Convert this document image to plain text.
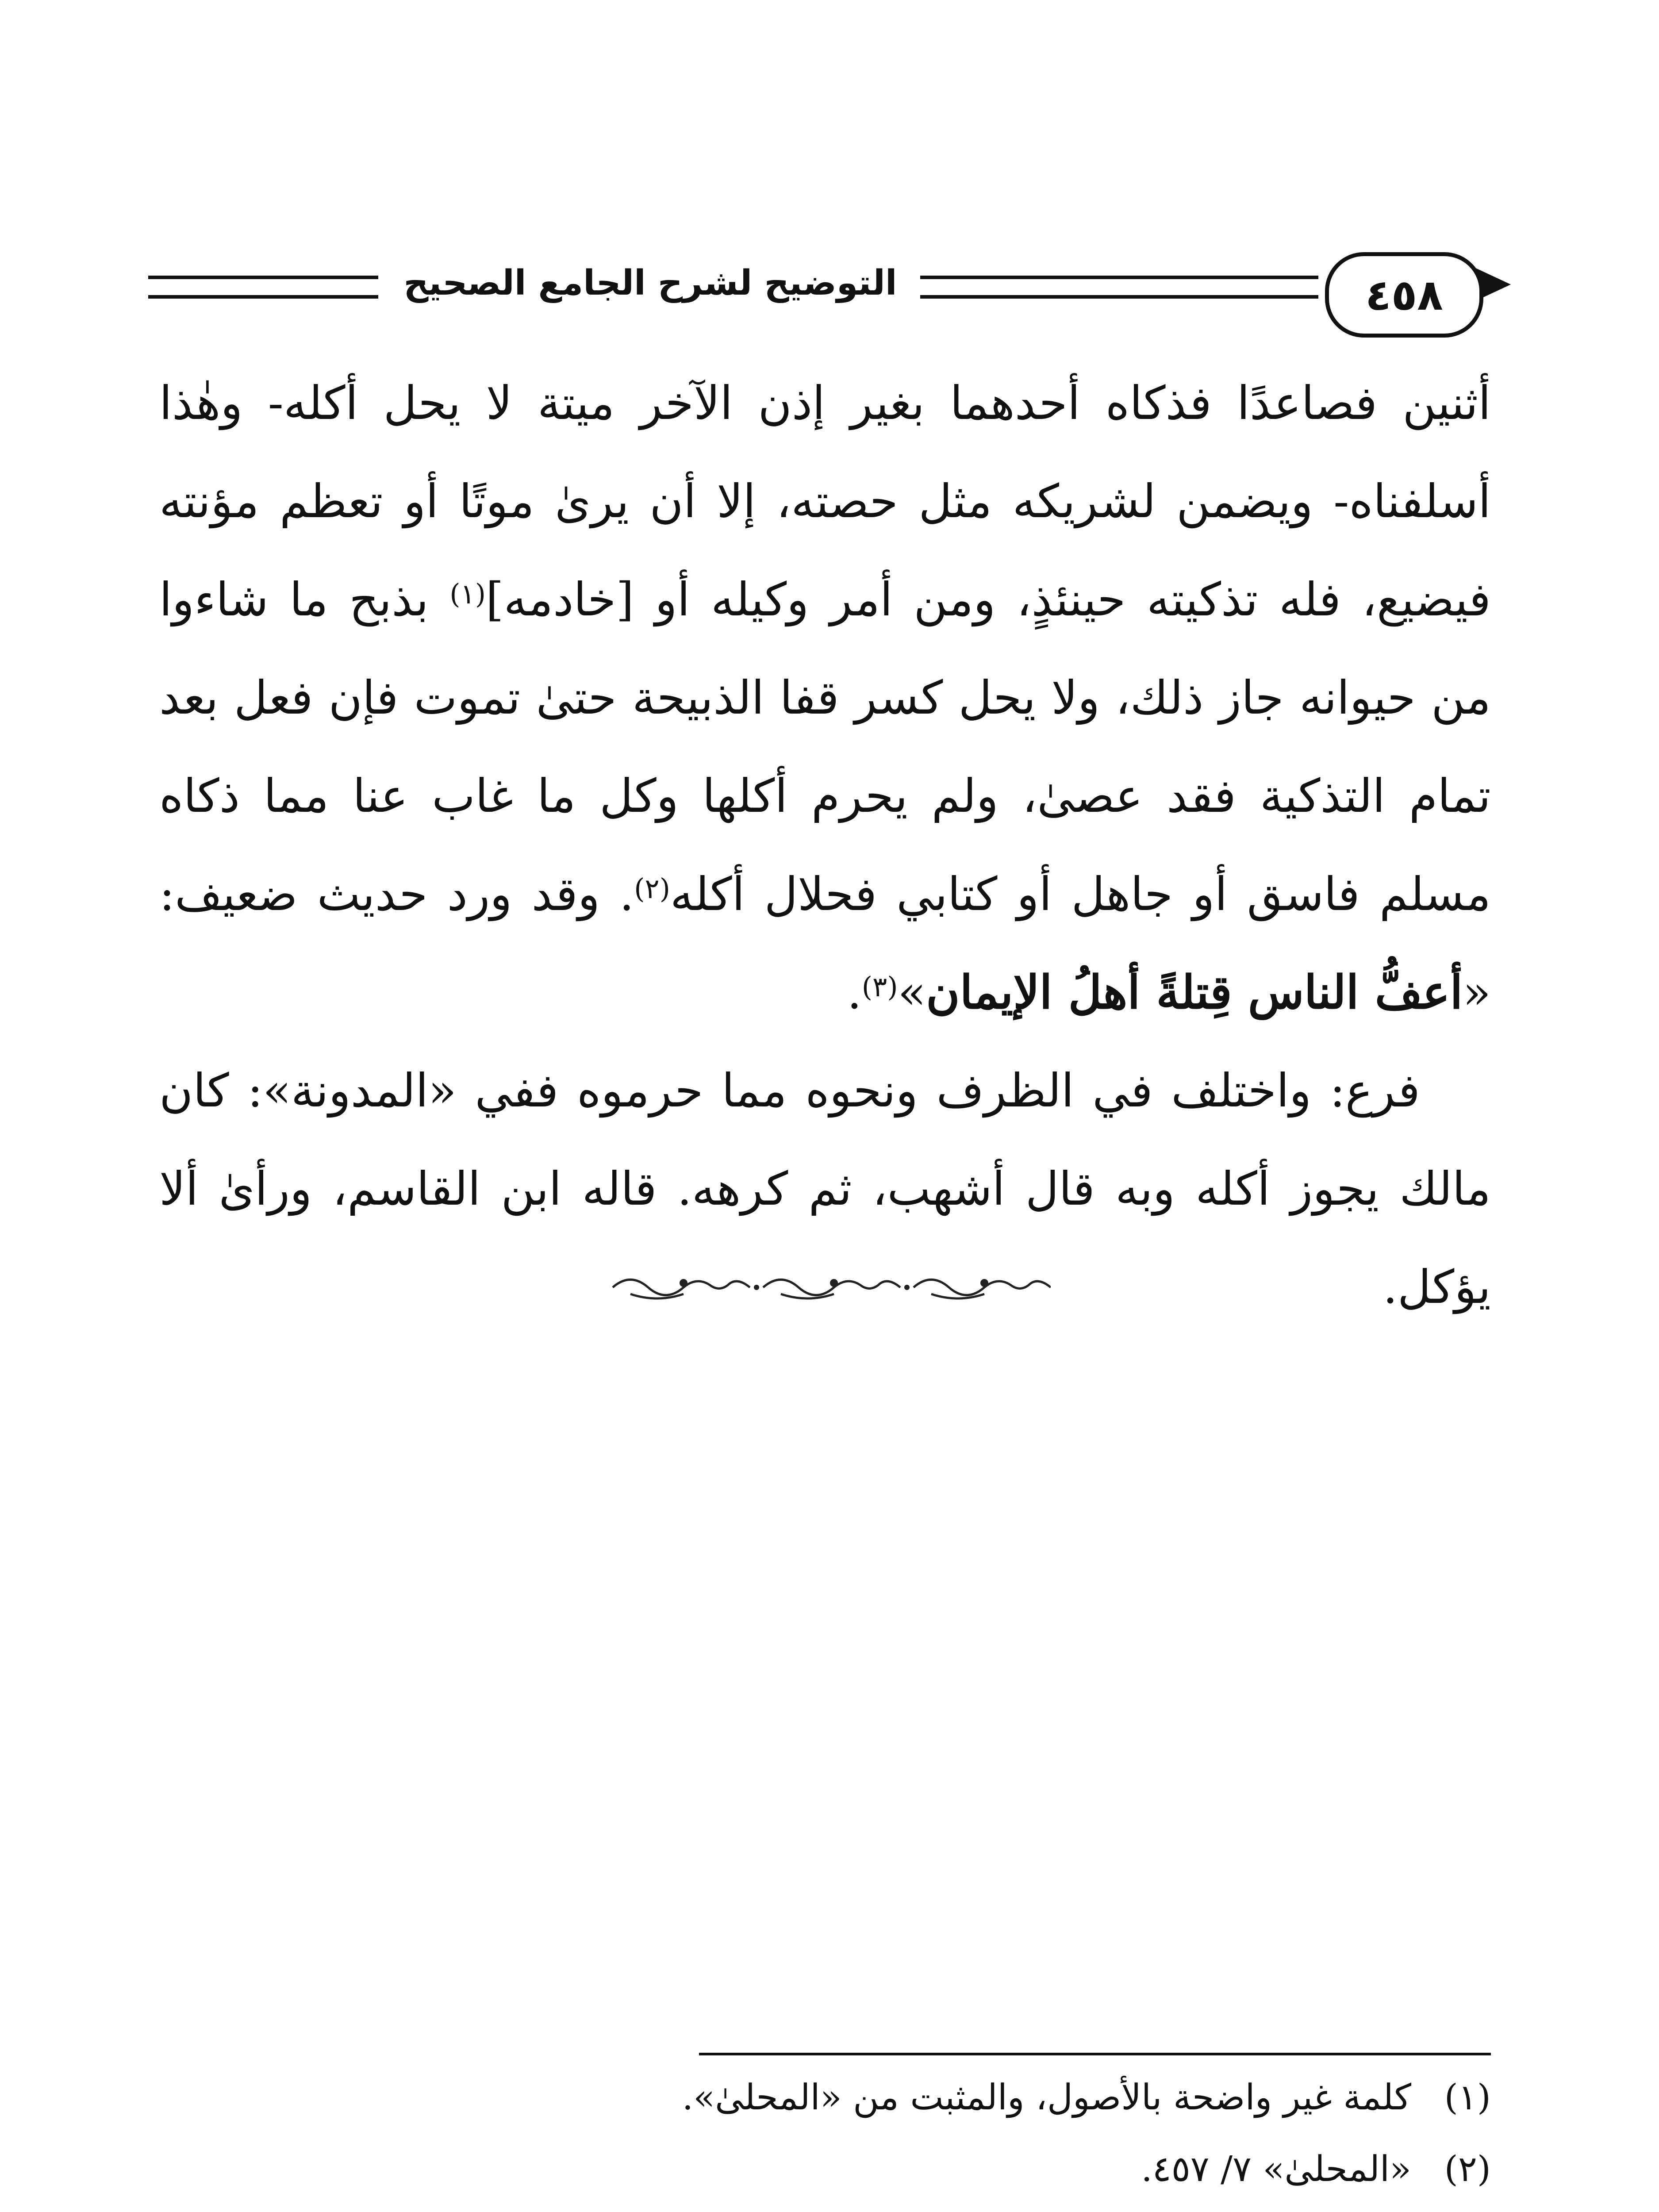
التوضيح لشرح الجامع الصحيح	٤٥٨

أثنين فصاعدًا فذكاه أحدهما بغير إذن الآخر ميتة لا يحل أكله- وهٰذا أسلفناه- ويضمن لشريكه مثل حصته، إلا أن يرىٰ موتًا أو تعظم مؤنته فيضيع، فله تذكيته حينئذٍ، ومن أمر وكيله أو [خادمه]$^{(١)}$ بذبح ما شاءوا من حيوانه جاز ذلك، ولا يحل كسر قفا الذبيحة حتىٰ تموت فإن فعل بعد تمام التذكية فقد عصىٰ، ولم يحرم أكلها وكل ما غاب عنا مما ذكاه مسلم فاسق أو جاهل أو كتابي فحلال أكله$^{(٢)}$. وقد ورد حديث ضعيف: «أعفُّ الناس قِتلةً أهلُ الإيمان»$^{(٣)}$.

فرع: واختلف في الظرف ونحوه مما حرموه ففي «المدونة»: كان مالك يجوز أكله وبه قال أشهب، ثم كرهه. قاله ابن القاسم، ورأىٰ ألا يؤكل.

(١)
كلمة غير واضحة بالأصول، والمثبت من «المحلىٰ».
(٢)
«المحلىٰ» ٧/ ٤٥٧.
